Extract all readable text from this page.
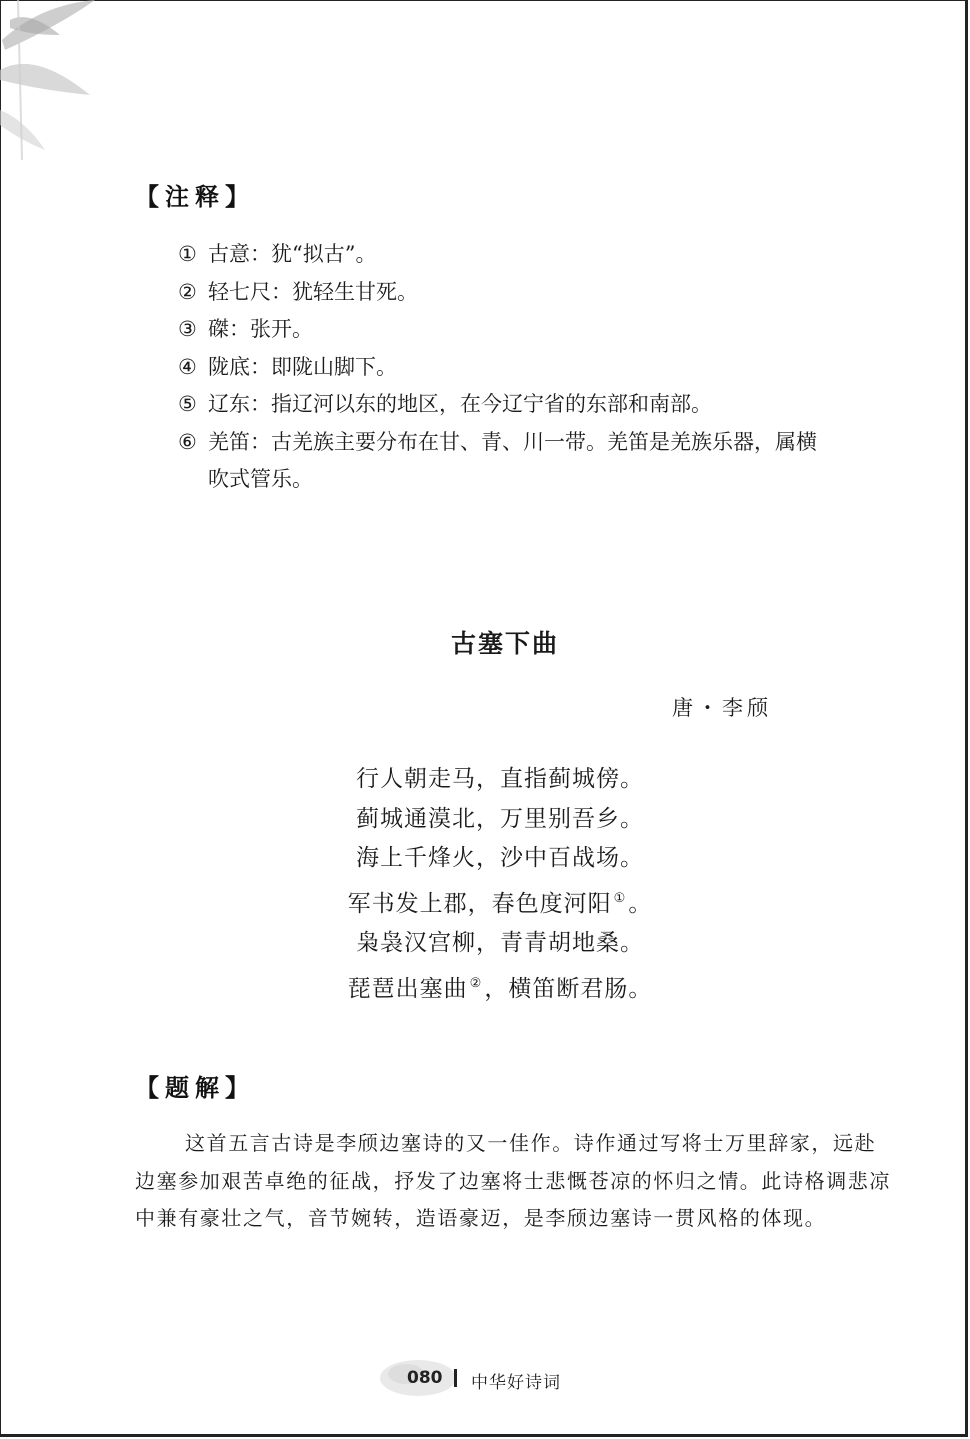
【注释】
① 古意：犹“拟古”。
② 轻七尺：犹轻生甘死。
③ 磔：张开。
④ 陇底：即陇山脚下。
⑤ 辽东：指辽河以东的地区，在今辽宁省的东部和南部。
⑥ 羌笛：古羌族主要分布在甘、青、川一带。羌笛是羌族乐器，属横
吹式管乐。
古塞下曲
唐・李颀
行人朝走马，直指蓟城傍。
蓟城通漠北，万里别吾乡。
海上千烽火，沙中百战场。
军书发上郡，春色度河阳 ①。
枭袅汉宫柳，青青胡地桑。
琵琶出塞曲 ②，横笛断君肠。
【题解】

这首五言古诗是李颀边塞诗的又一佳作。诗作通过写将士万里辞家，远赴边塞参加艰苦卓绝的征战，抒发了边塞将士悲慨苍凉的怀归之情。此诗格调悲凉中兼有豪壮之气，音节婉转，造语豪迈，是李颀边塞诗一贯风格的体现。

080 中华好诗词
